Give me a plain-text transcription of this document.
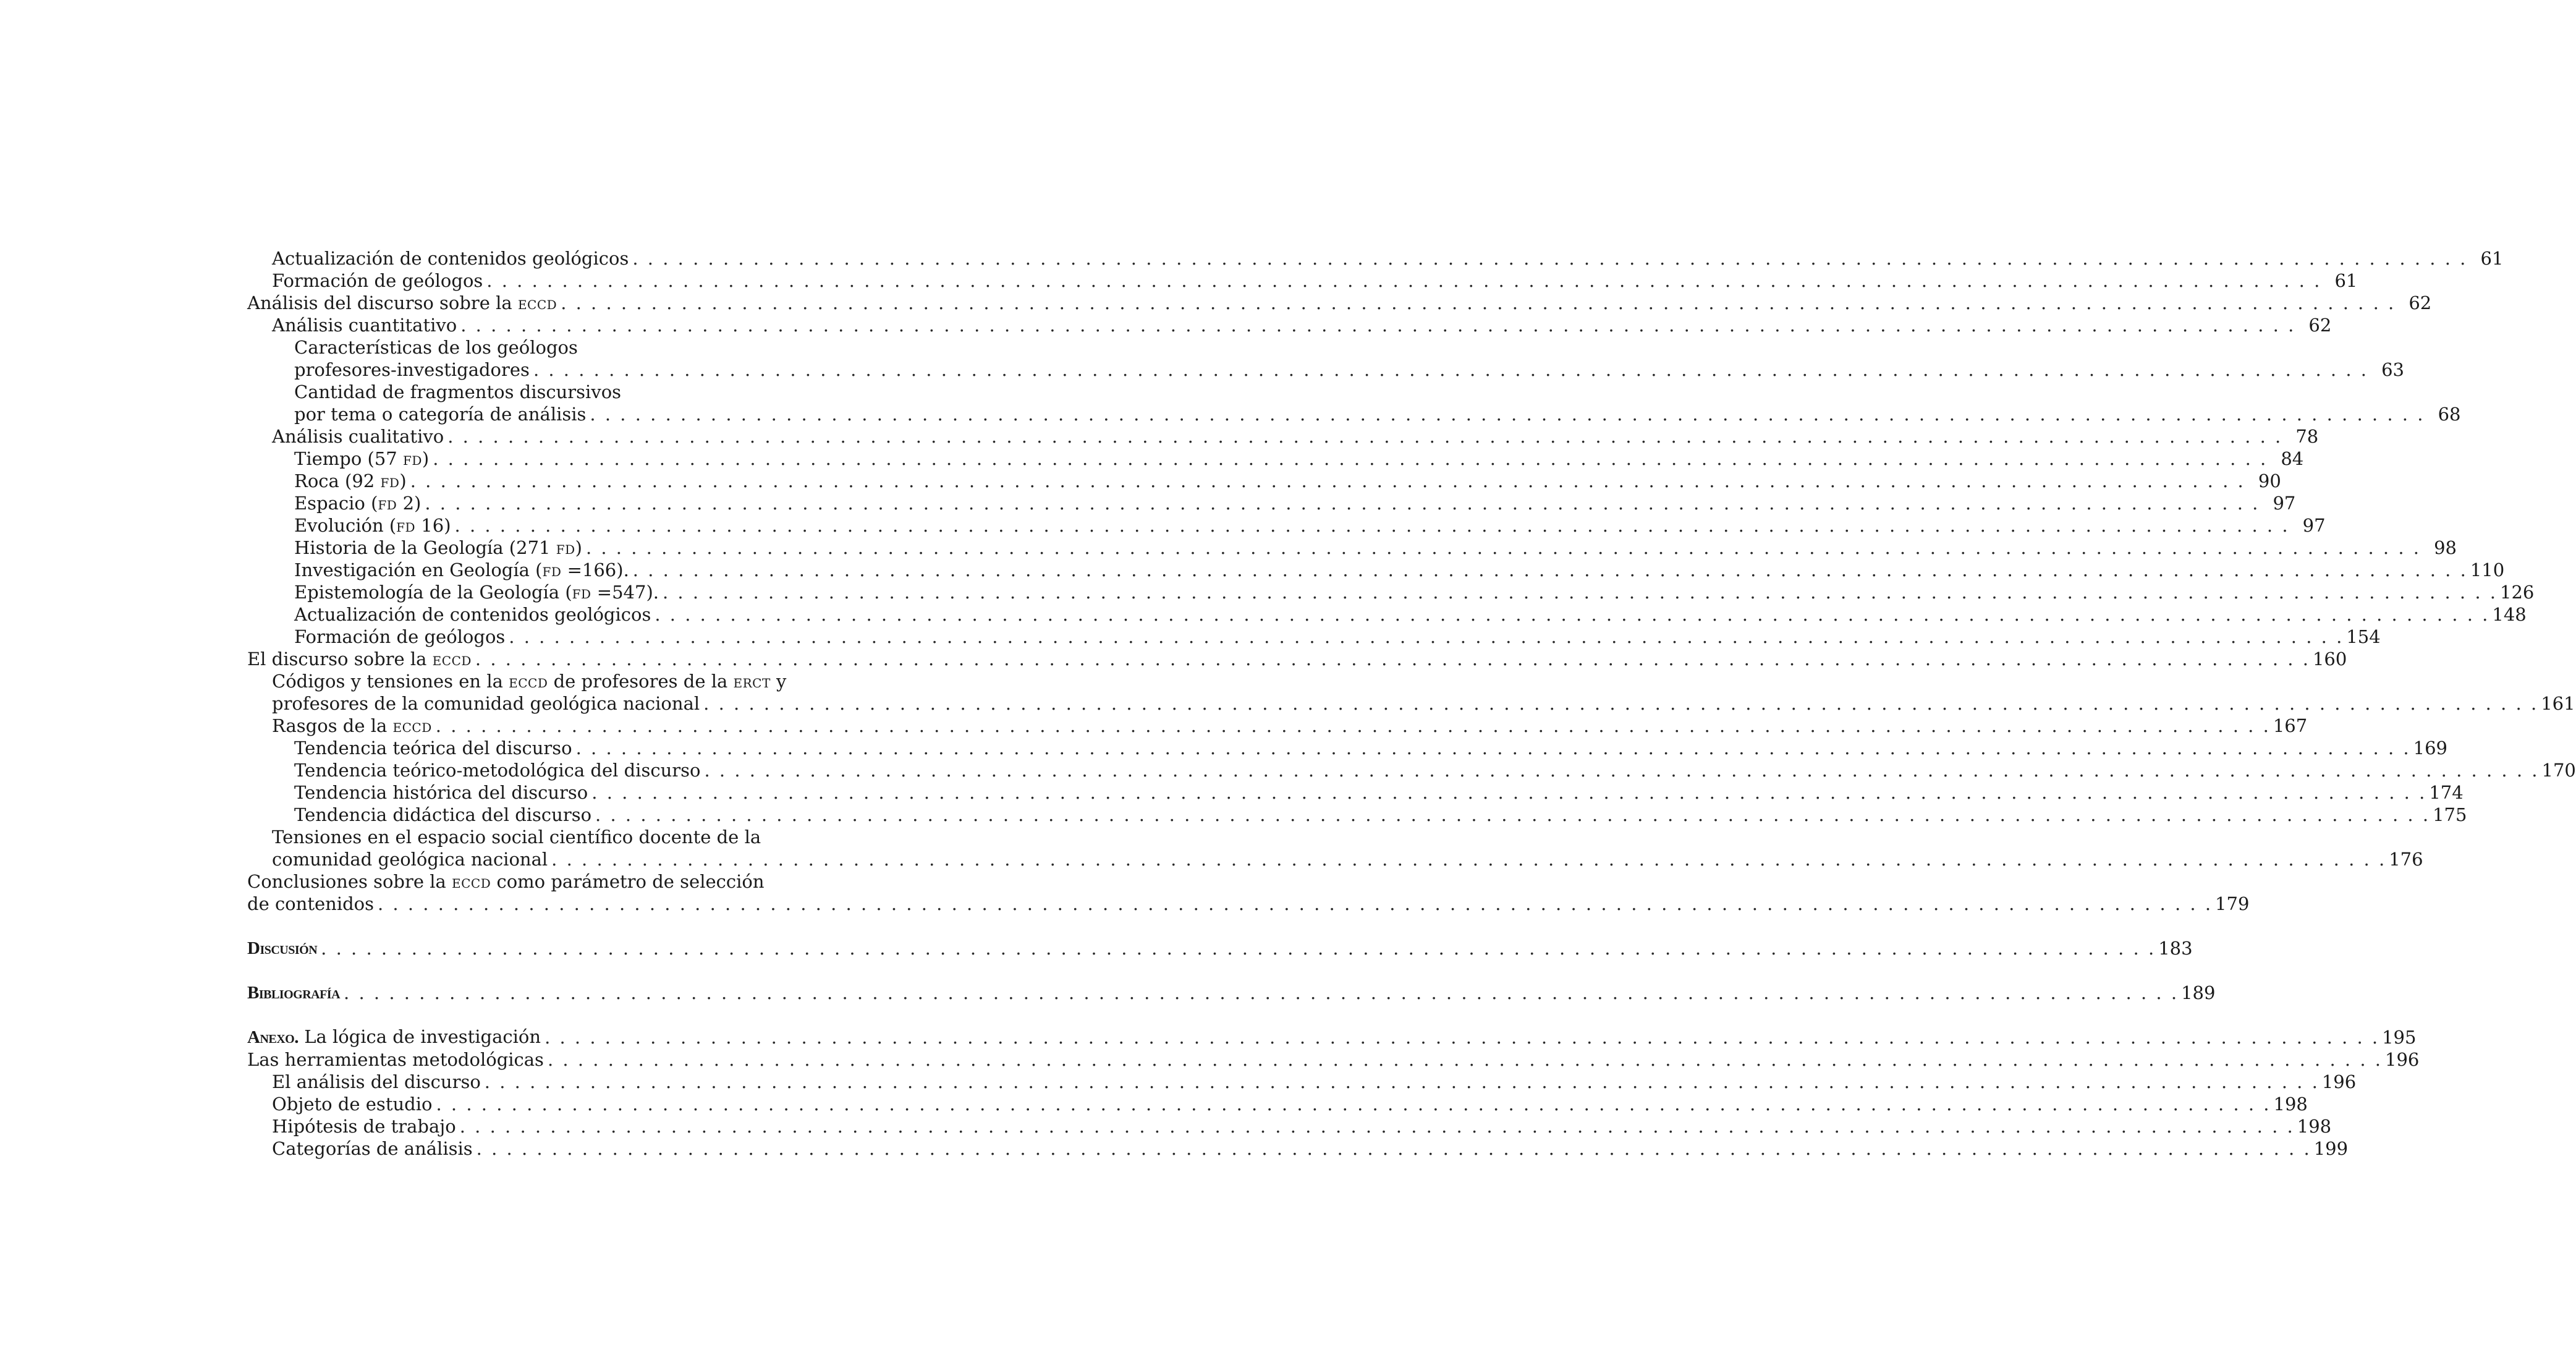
Actualización de contenidos geológicos . . . . . . . . . . . . . . . . . . . . . . . . . . . . . . . . . . . . . . . . . . . . . . . . . . . . . . . . . . . . . . . . . . . . . . . . . . . . . . . . . . . . . . . . . . . . . . . . . . . . . . . . . . . . . . . . . . . . . . . . . . 61
Formación de geólogos . . . . . . . . . . . . . . . . . . . . . . . . . . . . . . . . . . . . . . . . . . . . . . . . . . . . . . . . . . . . . . . . . . . . . . . . . . . . . . . . . . . . . . . . . . . . . . . . . . . . . . . . . . . . . . . . . . . . . . . . . . 61
Análisis del discurso sobre la eccd . . . . . . . . . . . . . . . . . . . . . . . . . . . . . . . . . . . . . . . . . . . . . . . . . . . . . . . . . . . . . . . . . . . . . . . . . . . . . . . . . . . . . . . . . . . . . . . . . . . . . . . . . . . . . . . . . . . . . . . . . . 62
Análisis cuantitativo . . . . . . . . . . . . . . . . . . . . . . . . . . . . . . . . . . . . . . . . . . . . . . . . . . . . . . . . . . . . . . . . . . . . . . . . . . . . . . . . . . . . . . . . . . . . . . . . . . . . . . . . . . . . . . . . . . . . . . . . . . 62
Características de los geólogos
profesores-investigadores . . . . . . . . . . . . . . . . . . . . . . . . . . . . . . . . . . . . . . . . . . . . . . . . . . . . . . . . . . . . . . . . . . . . . . . . . . . . . . . . . . . . . . . . . . . . . . . . . . . . . . . . . . . . . . . . . . . . . . . . . . 63
Cantidad de fragmentos discursivos
por tema o categoría de análisis . . . . . . . . . . . . . . . . . . . . . . . . . . . . . . . . . . . . . . . . . . . . . . . . . . . . . . . . . . . . . . . . . . . . . . . . . . . . . . . . . . . . . . . . . . . . . . . . . . . . . . . . . . . . . . . . . . . . . . . . . . 68
Análisis cualitativo . . . . . . . . . . . . . . . . . . . . . . . . . . . . . . . . . . . . . . . . . . . . . . . . . . . . . . . . . . . . . . . . . . . . . . . . . . . . . . . . . . . . . . . . . . . . . . . . . . . . . . . . . . . . . . . . . . . . . . . . . . 78
Tiempo (57 fd) . . . . . . . . . . . . . . . . . . . . . . . . . . . . . . . . . . . . . . . . . . . . . . . . . . . . . . . . . . . . . . . . . . . . . . . . . . . . . . . . . . . . . . . . . . . . . . . . . . . . . . . . . . . . . . . . . . . . . . . . . . 84
Roca (92 fd) . . . . . . . . . . . . . . . . . . . . . . . . . . . . . . . . . . . . . . . . . . . . . . . . . . . . . . . . . . . . . . . . . . . . . . . . . . . . . . . . . . . . . . . . . . . . . . . . . . . . . . . . . . . . . . . . . . . . . . . . . . 90
Espacio (fd 2) . . . . . . . . . . . . . . . . . . . . . . . . . . . . . . . . . . . . . . . . . . . . . . . . . . . . . . . . . . . . . . . . . . . . . . . . . . . . . . . . . . . . . . . . . . . . . . . . . . . . . . . . . . . . . . . . . . . . . . . . . . 97
Evolución (fd 16) . . . . . . . . . . . . . . . . . . . . . . . . . . . . . . . . . . . . . . . . . . . . . . . . . . . . . . . . . . . . . . . . . . . . . . . . . . . . . . . . . . . . . . . . . . . . . . . . . . . . . . . . . . . . . . . . . . . . . . . . . . 97
Historia de la Geología (271 fd) . . . . . . . . . . . . . . . . . . . . . . . . . . . . . . . . . . . . . . . . . . . . . . . . . . . . . . . . . . . . . . . . . . . . . . . . . . . . . . . . . . . . . . . . . . . . . . . . . . . . . . . . . . . . . . . . . . . . . . . . . . 98
Investigación en Geología (fd =166). . . . . . . . . . . . . . . . . . . . . . . . . . . . . . . . . . . . . . . . . . . . . . . . . . . . . . . . . . . . . . . . . . . . . . . . . . . . . . . . . . . . . . . . . . . . . . . . . . . . . . . . . . . . . . . . . . . . . . . . . . . 110
Epistemología de la Geología (fd =547). . . . . . . . . . . . . . . . . . . . . . . . . . . . . . . . . . . . . . . . . . . . . . . . . . . . . . . . . . . . . . . . . . . . . . . . . . . . . . . . . . . . . . . . . . . . . . . . . . . . . . . . . . . . . . . . . . . . . . . . . . . 126
Actualización de contenidos geológicos . . . . . . . . . . . . . . . . . . . . . . . . . . . . . . . . . . . . . . . . . . . . . . . . . . . . . . . . . . . . . . . . . . . . . . . . . . . . . . . . . . . . . . . . . . . . . . . . . . . . . . . . . . . . . . . . . . . . . . . . . . 148
Formación de geólogos . . . . . . . . . . . . . . . . . . . . . . . . . . . . . . . . . . . . . . . . . . . . . . . . . . . . . . . . . . . . . . . . . . . . . . . . . . . . . . . . . . . . . . . . . . . . . . . . . . . . . . . . . . . . . . . . . . . . . . . . . . 154
El discurso sobre la eccd . . . . . . . . . . . . . . . . . . . . . . . . . . . . . . . . . . . . . . . . . . . . . . . . . . . . . . . . . . . . . . . . . . . . . . . . . . . . . . . . . . . . . . . . . . . . . . . . . . . . . . . . . . . . . . . . . . . . . . . . . . 160
Códigos y tensiones en la eccd de profesores de la erct y
profesores de la comunidad geológica nacional . . . . . . . . . . . . . . . . . . . . . . . . . . . . . . . . . . . . . . . . . . . . . . . . . . . . . . . . . . . . . . . . . . . . . . . . . . . . . . . . . . . . . . . . . . . . . . . . . . . . . . . . . . . . . . . . . . . . . . . . . . 161
Rasgos de la eccd . . . . . . . . . . . . . . . . . . . . . . . . . . . . . . . . . . . . . . . . . . . . . . . . . . . . . . . . . . . . . . . . . . . . . . . . . . . . . . . . . . . . . . . . . . . . . . . . . . . . . . . . . . . . . . . . . . . . . . . . . . 167
Tendencia teórica del discurso . . . . . . . . . . . . . . . . . . . . . . . . . . . . . . . . . . . . . . . . . . . . . . . . . . . . . . . . . . . . . . . . . . . . . . . . . . . . . . . . . . . . . . . . . . . . . . . . . . . . . . . . . . . . . . . . . . . . . . . . . . 169
Tendencia teórico-metodológica del discurso . . . . . . . . . . . . . . . . . . . . . . . . . . . . . . . . . . . . . . . . . . . . . . . . . . . . . . . . . . . . . . . . . . . . . . . . . . . . . . . . . . . . . . . . . . . . . . . . . . . . . . . . . . . . . . . . . . . . . . . . . . 170
Tendencia histórica del discurso . . . . . . . . . . . . . . . . . . . . . . . . . . . . . . . . . . . . . . . . . . . . . . . . . . . . . . . . . . . . . . . . . . . . . . . . . . . . . . . . . . . . . . . . . . . . . . . . . . . . . . . . . . . . . . . . . . . . . . . . . . 174
Tendencia didáctica del discurso . . . . . . . . . . . . . . . . . . . . . . . . . . . . . . . . . . . . . . . . . . . . . . . . . . . . . . . . . . . . . . . . . . . . . . . . . . . . . . . . . . . . . . . . . . . . . . . . . . . . . . . . . . . . . . . . . . . . . . . . . . 175
Tensiones en el espacio social científico docente de la
comunidad geológica nacional . . . . . . . . . . . . . . . . . . . . . . . . . . . . . . . . . . . . . . . . . . . . . . . . . . . . . . . . . . . . . . . . . . . . . . . . . . . . . . . . . . . . . . . . . . . . . . . . . . . . . . . . . . . . . . . . . . . . . . . . . . 176
Conclusiones sobre la eccd como parámetro de selección
de contenidos . . . . . . . . . . . . . . . . . . . . . . . . . . . . . . . . . . . . . . . . . . . . . . . . . . . . . . . . . . . . . . . . . . . . . . . . . . . . . . . . . . . . . . . . . . . . . . . . . . . . . . . . . . . . . . . . . . . . . . . . . . 179
Discusión . . . . . . . . . . . . . . . . . . . . . . . . . . . . . . . . . . . . . . . . . . . . . . . . . . . . . . . . . . . . . . . . . . . . . . . . . . . . . . . . . . . . . . . . . . . . . . . . . . . . . . . . . . . . . . . . . . . . . . . . . . 183
Bibliografía . . . . . . . . . . . . . . . . . . . . . . . . . . . . . . . . . . . . . . . . . . . . . . . . . . . . . . . . . . . . . . . . . . . . . . . . . . . . . . . . . . . . . . . . . . . . . . . . . . . . . . . . . . . . . . . . . . . . . . . . . . 189
Anexo. La lógica de investigación . . . . . . . . . . . . . . . . . . . . . . . . . . . . . . . . . . . . . . . . . . . . . . . . . . . . . . . . . . . . . . . . . . . . . . . . . . . . . . . . . . . . . . . . . . . . . . . . . . . . . . . . . . . . . . . . . . . . . . . . . . 195
Las herramientas metodológicas . . . . . . . . . . . . . . . . . . . . . . . . . . . . . . . . . . . . . . . . . . . . . . . . . . . . . . . . . . . . . . . . . . . . . . . . . . . . . . . . . . . . . . . . . . . . . . . . . . . . . . . . . . . . . . . . . . . . . . . . . . 196
El análisis del discurso . . . . . . . . . . . . . . . . . . . . . . . . . . . . . . . . . . . . . . . . . . . . . . . . . . . . . . . . . . . . . . . . . . . . . . . . . . . . . . . . . . . . . . . . . . . . . . . . . . . . . . . . . . . . . . . . . . . . . . . . . . 196
Objeto de estudio . . . . . . . . . . . . . . . . . . . . . . . . . . . . . . . . . . . . . . . . . . . . . . . . . . . . . . . . . . . . . . . . . . . . . . . . . . . . . . . . . . . . . . . . . . . . . . . . . . . . . . . . . . . . . . . . . . . . . . . . . . 198
Hipótesis de trabajo . . . . . . . . . . . . . . . . . . . . . . . . . . . . . . . . . . . . . . . . . . . . . . . . . . . . . . . . . . . . . . . . . . . . . . . . . . . . . . . . . . . . . . . . . . . . . . . . . . . . . . . . . . . . . . . . . . . . . . . . . . 198
Categorías de análisis . . . . . . . . . . . . . . . . . . . . . . . . . . . . . . . . . . . . . . . . . . . . . . . . . . . . . . . . . . . . . . . . . . . . . . . . . . . . . . . . . . . . . . . . . . . . . . . . . . . . . . . . . . . . . . . . . . . . . . . . . . 199
